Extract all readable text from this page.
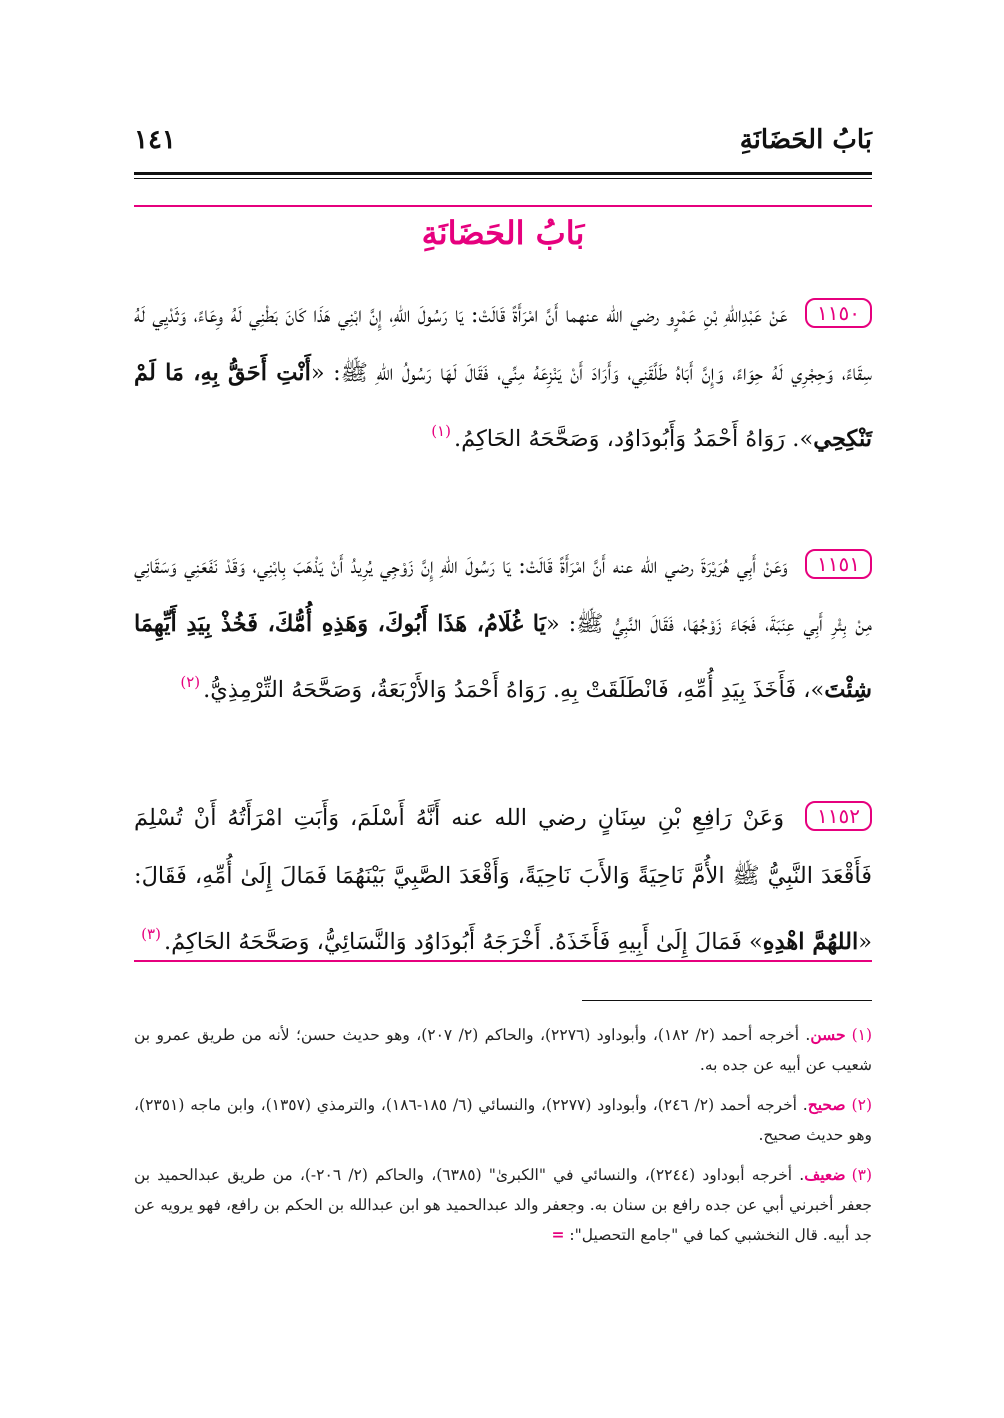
بَابُ الحَضَانَةِ
١٤١
بَابُ الحَضَانَةِ
١١٥٠ عَنْ عَبْدِاللهِ بْنِ عَمْرٍو رضي الله عنهما أَنَّ امْرَأَةً قَالَتْ: يَا رَسُولَ اللهِ، إِنَّ ابْنِي هَذَا كَانَ بَطْنِي لَهُ وِعَاءً، وَثَدْيِي لَهُ سِقَاءً، وَحِجْرِي لَهُ حِوَاءً، وَإِنَّ أَبَاهُ طَلَّقَنِي، وَأَرَادَ أَنْ يَنْزِعَهُ مِنِّي، فَقَالَ لَهَا رَسُولُ اللهِ ﷺ: «أَنْتِ أَحَقُّ بِهِ، مَا لَمْ تَنْكِحِي». رَوَاهُ أَحْمَدُ وَأَبُودَاوُد، وَصَحَّحَهُ الحَاكِمُ.$^{(١)}$
١١٥١ وَعَنْ أَبِي هُرَيْرَةَ رضي الله عنه أَنَّ امْرَأَةً قَالَتْ: يَا رَسُولَ اللهِ إِنَّ زَوْجِي يُرِيدُ أَنْ يَذْهَبَ بِابْنِي، وَقَدْ نَفَعَنِي وَسَقَانِي مِنْ بِئْرِ أَبِي عِنَبَةَ، فَجَاءَ زَوْجُهَا، فَقَالَ النَّبِيُّ ﷺ: «يَا غُلَامُ، هَذَا أَبُوكَ، وَهَذِهِ أُمُّكَ، فَخُذْ بِيَدِ أَيِّهِمَا شِئْتَ»، فَأَخَذَ بِيَدِ أُمِّهِ، فَانْطَلَقَتْ بِهِ. رَوَاهُ أَحْمَدُ وَالأَرْبَعَةُ، وَصَحَّحَهُ التِّرْمِذِيُّ.$^{(٢)}$
١١٥٢ وَعَنْ رَافِعِ بْنِ سِنَانٍ رضي الله عنه أَنَّهُ أَسْلَمَ، وَأَبَتِ امْرَأَتُهُ أَنْ تُسْلِمَ فَأَقْعَدَ النَّبِيُّ ﷺ الأُمَّ نَاحِيَةً وَالأَبَ نَاحِيَةً، وَأَقْعَدَ الصَّبِيَّ بَيْنَهُمَا فَمَالَ إِلَىٰ أُمِّهِ، فَقَالَ: «اللهُمَّ اهْدِهِ» فَمَالَ إِلَىٰ أَبِيهِ فَأَخَذَهُ. أَخْرَجَهُ أَبُودَاوُد وَالنَّسَائِيُّ، وَصَحَّحَهُ الحَاكِمُ.$^{(٣)}$
(١)حسن. أخرجه أحمد (٢/ ١٨٢)، وأبوداود (٢٢٧٦)، والحاكم (٢/ ٢٠٧)، وهو حديث حسن؛ لأنه من طريق عمرو بن شعيب عن أبيه عن جده به.
(٢)صحيح. أخرجه أحمد (٢/ ٢٤٦)، وأبوداود (٢٢٧٧)، والنسائي (٦/ ١٨٥-١٨٦)، والترمذي (١٣٥٧)، وابن ماجه (٢٣٥١)، وهو حديث صحيح.
(٣)ضعيف. أخرجه أبوداود (٢٢٤٤)، والنسائي في "الكبرىٰ" (٦٣٨٥)، والحاكم (٢/ ٢٠٦-)، من طريق عبدالحميد بن جعفر أخبرني أبي عن جده رافع بن سنان به. وجعفر والد عبدالحميد هو ابن عبدالله بن الحكم بن رافع، فهو يرويه عن جد أبيه. قال النخشبي كما في "جامع التحصيل": =
